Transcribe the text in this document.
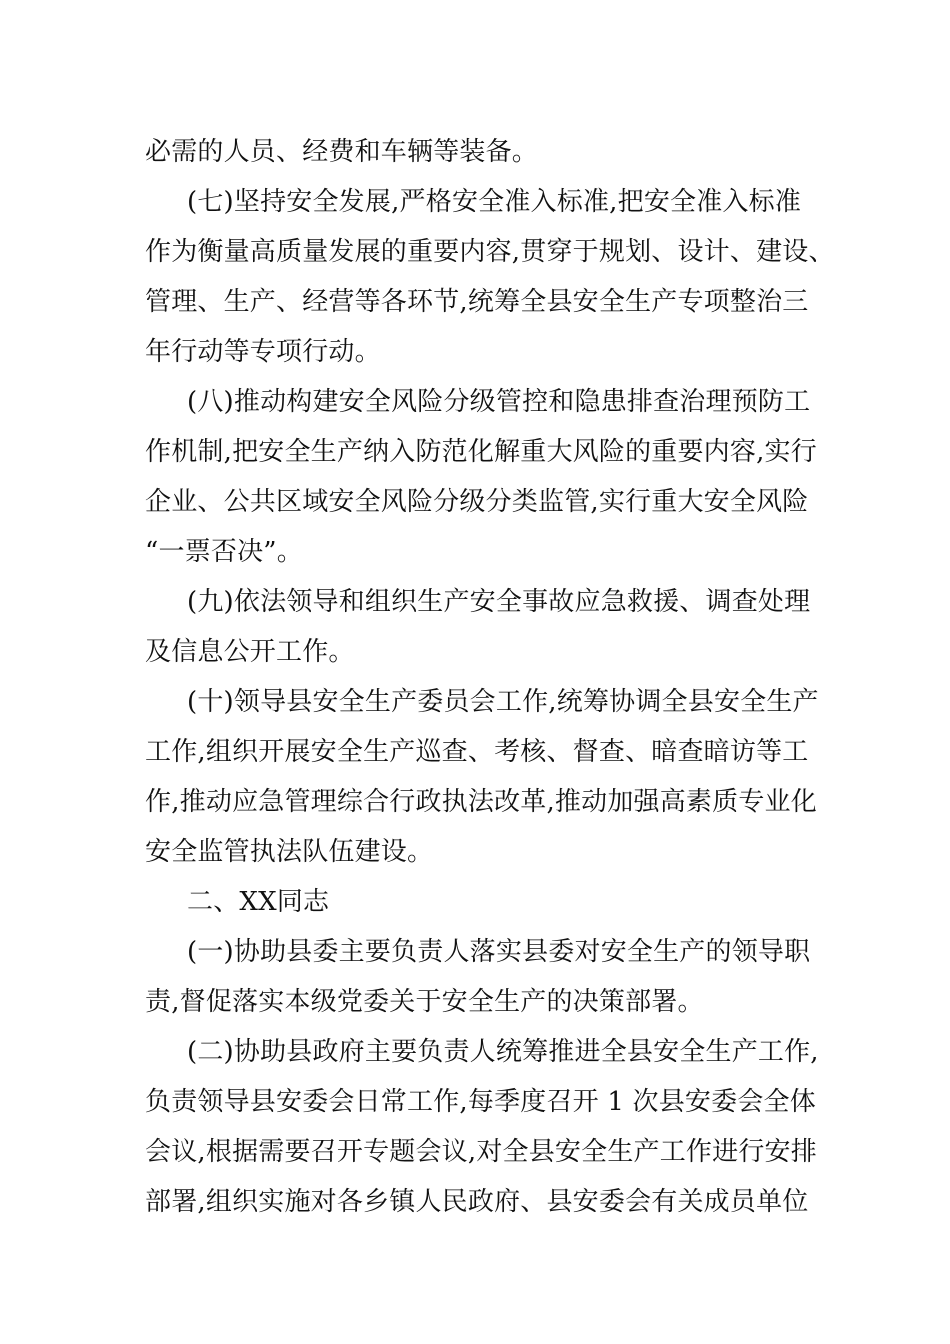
必需的人员、经费和车辆等装备。
(七)坚持安全发展,严格安全准入标准,把安全准入标准
作为衡量高质量发展的重要内容,贯穿于规划、设计、建设、
管理、生产、经营等各环节,统筹全县安全生产专项整治三
年行动等专项行动。
(八)推动构建安全风险分级管控和隐患排查治理预防工
作机制,把安全生产纳入防范化解重大风险的重要内容,实行
企业、公共区域安全风险分级分类监管,实行重大安全风险
“一票否决”。
(九)依法领导和组织生产安全事故应急救援、调查处理
及信息公开工作。
(十)领导县安全生产委员会工作,统筹协调全县安全生产
工作,组织开展安全生产巡查、考核、督查、暗查暗访等工
作,推动应急管理综合行政执法改革,推动加强高素质专业化
安全监管执法队伍建设。
二、XX同志
(一)协助县委主要负责人落实县委对安全生产的领导职
责,督促落实本级党委关于安全生产的决策部署。
(二)协助县政府主要负责人统筹推进全县安全生产工作,
负责领导县安委会日常工作,每季度召开 1 次县安委会全体
会议,根据需要召开专题会议,对全县安全生产工作进行安排
部署,组织实施对各乡镇人民政府、县安委会有关成员单位
